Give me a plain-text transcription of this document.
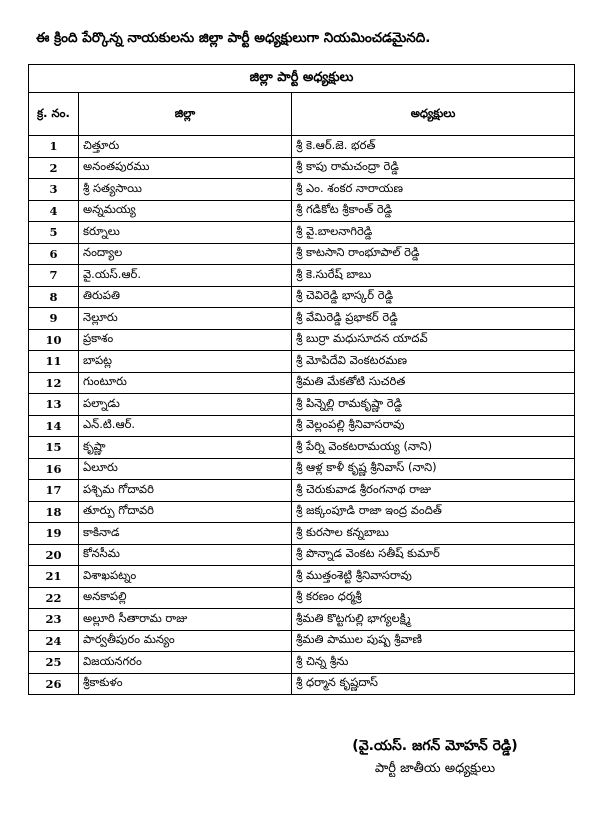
ఈ క్రింది పేర్కొన్న నాయకులను జిల్లా పార్టీ అధ్యక్షులుగా నియమించడమైనది.
జిల్లా పార్టీ అధ్యక్షులు		
క్ర. నం.	జిల్లా	అధ్యక్షులు
1	చిత్తూరు	శ్రీ కె.ఆర్.జె. భరత్
2	అనంతపురము	శ్రీ కాపు రామచంద్రా రెడ్డి
3	శ్రీ సత్యసాయి	శ్రీ ఎం. శంకర నారాయణ
4	అన్నమయ్య	శ్రీ గడికోట శ్రీకాంత్ రెడ్డి
5	కర్నూలు	శ్రీ వై.బాలనాగిరెడ్డి
6	నంద్యాల	శ్రీ కాటసాని రాంభూపాల్ రెడ్డి
7	వై.యస్.ఆర్.	శ్రీ కె.సురేష్ బాబు
8	తిరుపతి	శ్రీ చెవిరెడ్డి భాస్కర్ రెడ్డి
9	నెల్లూరు	శ్రీ వేమిరెడ్డి ప్రభాకర్ రెడ్డి
10	ప్రకాశం	శ్రీ బుర్రా మధుసూదన యాదవ్
11	బాపట్ల	శ్రీ మోపిదేవి వెంకటరమణ
12	గుంటూరు	శ్రీమతి మేకతోటి సుచరిత
13	పల్నాడు	శ్రీ పిన్నెల్లి రామకృష్ణా రెడ్డి
14	ఎన్.టి.ఆర్.	శ్రీ వెల్లంపల్లి శ్రీనివాసరావు
15	కృష్ణా	శ్రీ పేర్ని వెంకటరామయ్య (నాని)
16	ఏలూరు	శ్రీ ఆళ్ల కాళీ కృష్ణ శ్రీనివాస్ (నాని)
17	పశ్చిమ గోదావరి	శ్రీ చెరుకువాడ శ్రీరంగనాథ రాజు
18	తూర్పు గోదావరి	శ్రీ జక్కంపూడి రాజా ఇంద్ర వందిత్
19	కాకినాడ	శ్రీ కురసాల కన్నబాబు
20	కోనసీమ	శ్రీ పొన్నాడ వెంకట సతీష్ కుమార్
21	విశాఖపట్నం	శ్రీ ముత్తంశెట్టి శ్రీనివాసరావు
22	అనకాపల్లి	శ్రీ కరణం ధర్మశ్రీ
23	అల్లూరి సీతారామ రాజు	శ్రీమతి కొట్టగుల్లి భాగ్యలక్ష్మి
24	పార్వతీపురం మన్యం	శ్రీమతి పాముల పుష్ప శ్రీవాణి
25	విజయనగరం	శ్రీ చిన్న శ్రీను
26	శ్రీకాకుళం	శ్రీ ధర్మాన కృష్ణదాస్
(వై.యస్. జగన్ మోహన్ రెడ్డి)
పార్టీ జాతీయ అధ్యక్షులు
